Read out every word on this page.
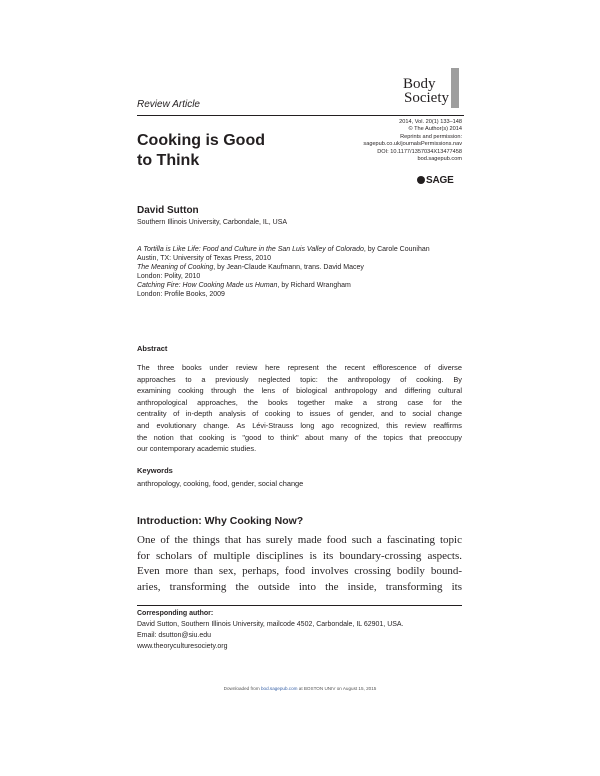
Body &
Society
Review Article
Cooking is Good
to Think
2014, Vol. 20(1) 133–148
© The Author(s) 2014
Reprints and permission:
sagepub.co.uk/journalsPermissions.nav
DOI: 10.1177/1357034X13477458
bod.sagepub.com
SAGE
David Sutton
Southern Illinois University, Carbondale, IL, USA
A Tortilla is Like Life: Food and Culture in the San Luis Valley of Colorado, by Carole Counihan
Austin, TX: University of Texas Press, 2010
The Meaning of Cooking, by Jean-Claude Kaufmann, trans. David Macey
London: Polity, 2010
Catching Fire: How Cooking Made us Human, by Richard Wrangham
London: Profile Books, 2009
Abstract
The three books under review here represent the recent efflorescence of diverse
approaches to a previously neglected topic: the anthropology of cooking. By
examining cooking through the lens of biological anthropology and differing cultural
anthropological approaches, the books together make a strong case for the
centrality of in-depth analysis of cooking to issues of gender, and to social change
and evolutionary change. As Lévi-Strauss long ago recognized, this review reaffirms
the notion that cooking is "good to think" about many of the topics that preoccupy
our contemporary academic studies.
Keywords
anthropology, cooking, food, gender, social change
Introduction: Why Cooking Now?
One of the things that has surely made food such a fascinating topic
for scholars of multiple disciplines is its boundary-crossing aspects.
Even more than sex, perhaps, food involves crossing bodily bound-
aries, transforming the outside into the inside, transforming its
Corresponding author:
David Sutton, Southern Illinois University, mailcode 4502, Carbondale, IL 62901, USA.
Email: dsutton@siu.edu
www.theoryculturesociety.org
Downloaded from bod.sagepub.com at BOSTON UNIV on August 15, 2015
